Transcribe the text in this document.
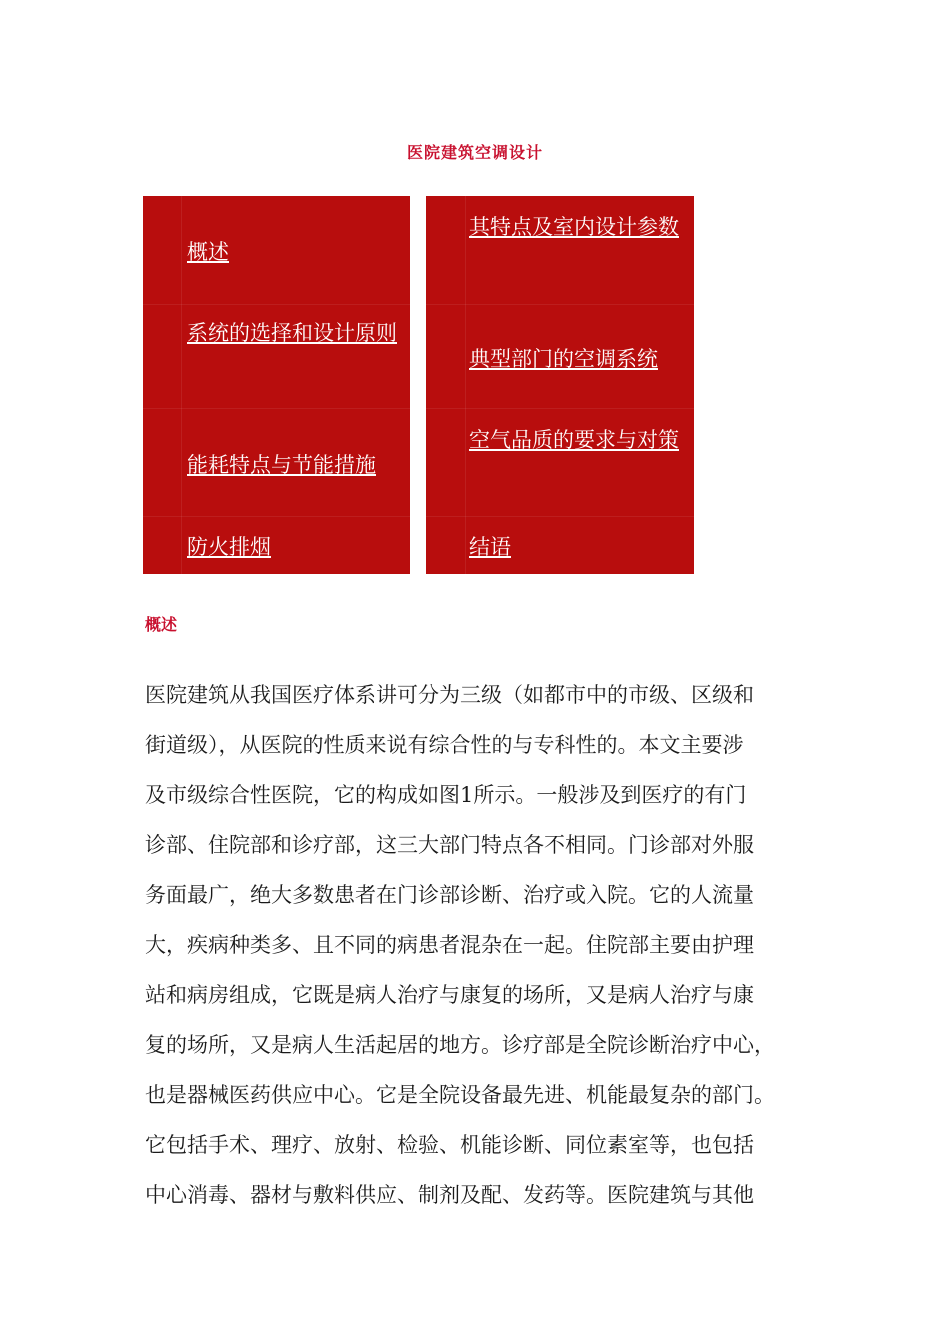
医院建筑空调设计
概述
系统的选择和设计原则
能耗特点与节能措施
防火排烟
其特点及室内设计参数
典型部门的空调系统
空气品质的要求与对策
结语
概述
医院建筑从我国医疗体系讲可分为三级（如都市中的市级、区级和
街道级），从医院的性质来说有综合性的与专科性的。本文主要涉
及市级综合性医院，它的构成如图1所示。一般涉及到医疗的有门
诊部、住院部和诊疗部，这三大部门特点各不相同。门诊部对外服
务面最广，绝大多数患者在门诊部诊断、治疗或入院。它的人流量
大，疾病种类多、且不同的病患者混杂在一起。住院部主要由护理
站和病房组成，它既是病人治疗与康复的场所，又是病人治疗与康
复的场所，又是病人生活起居的地方。诊疗部是全院诊断治疗中心，
也是器械医药供应中心。它是全院设备最先进、机能最复杂的部门。
它包括手术、理疗、放射、检验、机能诊断、同位素室等，也包括
中心消毒、器材与敷料供应、制剂及配、发药等。医院建筑与其他
